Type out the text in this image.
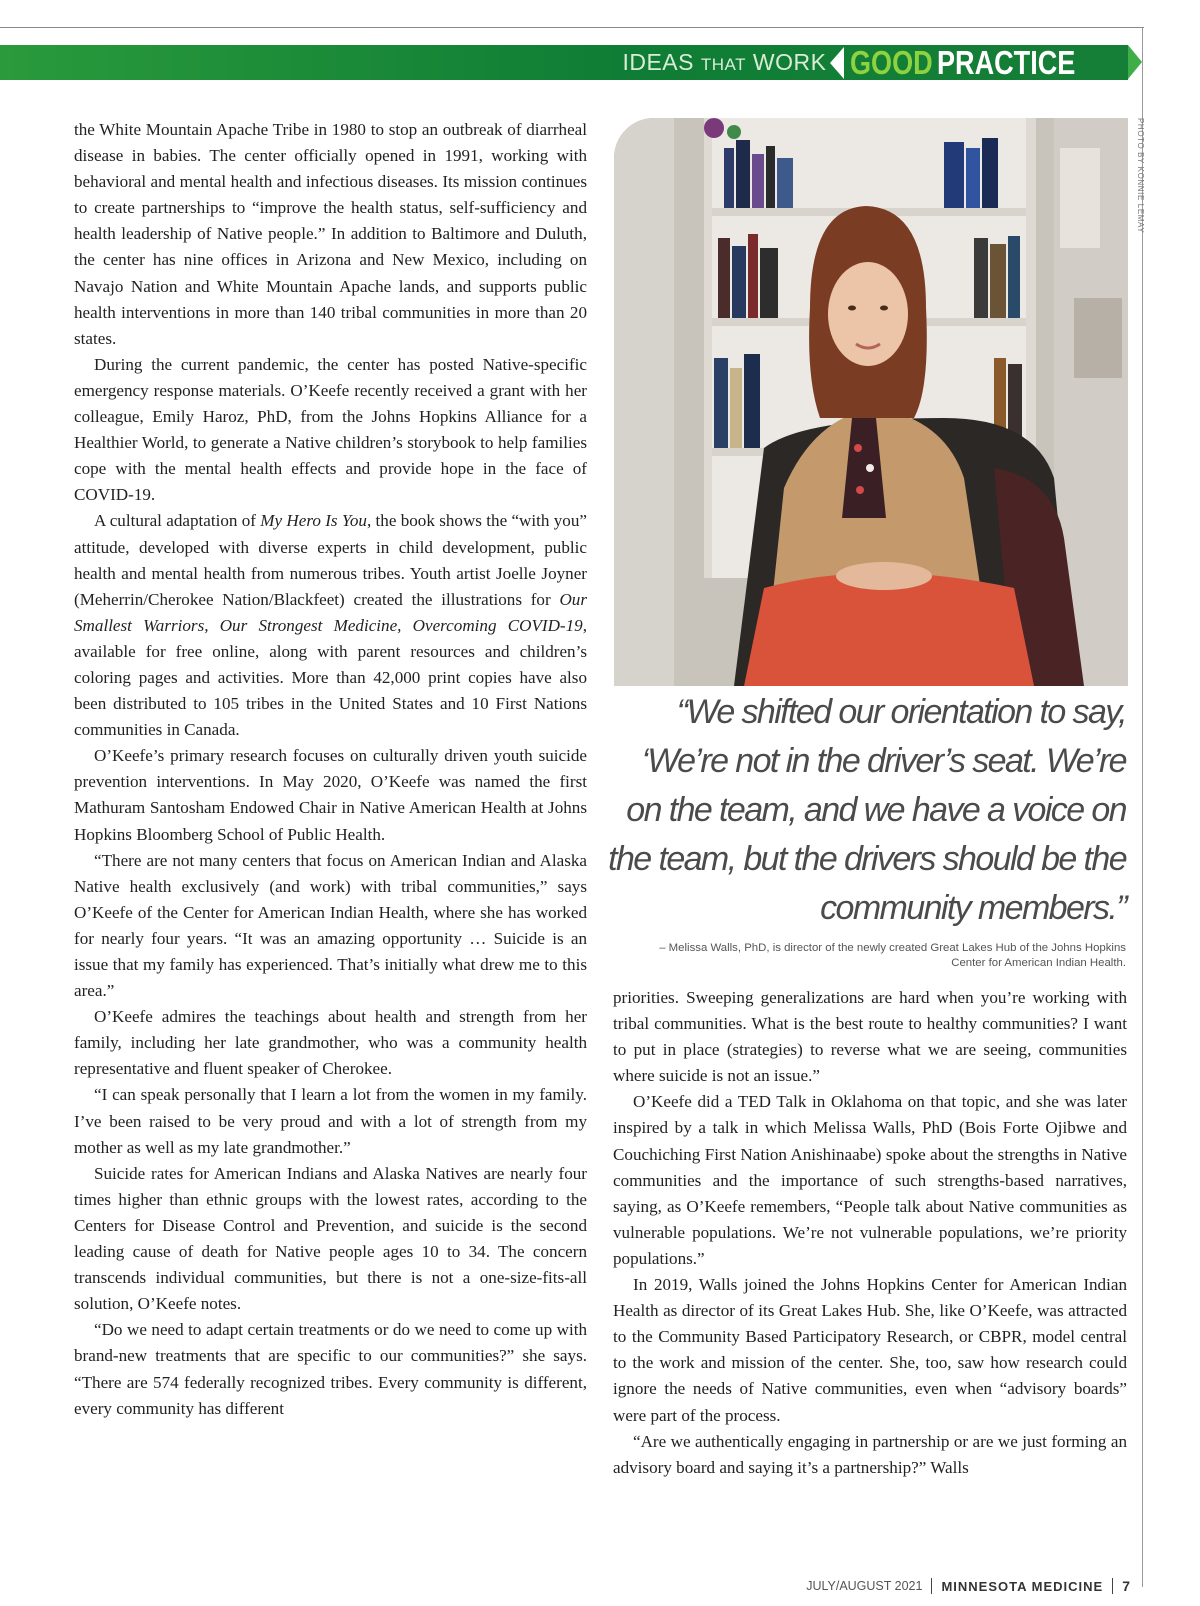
IDEAS THAT WORK GOOD PRACTICE

the White Mountain Apache Tribe in 1980 to stop an outbreak of diarrheal disease in babies. The center officially opened in 1991, working with behavioral and mental health and infectious diseases. Its mission continues to create partnerships to “improve the health status, self-sufficiency and health leadership of Native people.” In addition to Baltimore and Duluth, the center has nine offices in Arizona and New Mexico, including on Navajo Nation and White Mountain Apache lands, and supports public health interventions in more than 140 tribal communities in more than 20 states.

During the current pandemic, the center has posted Native-specific emergency response materials. O’Keefe recently received a grant with her colleague, Emily Haroz, PhD, from the Johns Hopkins Alliance for a Healthier World, to generate a Native children’s storybook to help families cope with the mental health effects and provide hope in the face of COVID-19.

A cultural adaptation of My Hero Is You, the book shows the “with you” attitude, developed with diverse experts in child development, public health and mental health from numerous tribes. Youth artist Joelle Joyner (Meherrin/Cherokee Nation/Blackfeet) created the illustrations for Our Smallest Warriors, Our Strongest Medicine, Overcoming COVID-19, available for free online, along with parent resources and children’s coloring pages and activities. More than 42,000 print copies have also been distributed to 105 tribes in the United States and 10 First Nations communities in Canada.

O’Keefe’s primary research focuses on culturally driven youth suicide prevention interventions. In May 2020, O’Keefe was named the first Mathuram Santosham Endowed Chair in Native American Health at Johns Hopkins Bloomberg School of Public Health.

“There are not many centers that focus on American Indian and Alaska Native health exclusively (and work) with tribal communities,” says O’Keefe of the Center for American Indian Health, where she has worked for nearly four years. “It was an amazing opportunity … Suicide is an issue that my family has experienced. That’s initially what drew me to this area.”

O’Keefe admires the teachings about health and strength from her family, including her late grandmother, who was a community health representative and fluent speaker of Cherokee.

“I can speak personally that I learn a lot from the women in my family. I’ve been raised to be very proud and with a lot of strength from my mother as well as my late grandmother.”

Suicide rates for American Indians and Alaska Natives are nearly four times higher than ethnic groups with the lowest rates, according to the Centers for Disease Control and Prevention, and suicide is the second leading cause of death for Native people ages 10 to 34. The concern transcends individual communities, but there is not a one-size-fits-all solution, O’Keefe notes.

“Do we need to adapt certain treatments or do we need to come up with brand-new treatments that are specific to our communities?” she says. “There are 574 federally recognized tribes. Every community is different, every community has different

PHOTO BY KONNIE LEMAY
“We shifted our orientation to say, ‘We’re not in the driver’s seat. We’re on the team, and we have a voice on the team, but the drivers should be the community members.”
– Melissa Walls, PhD, is director of the newly created Great Lakes Hub of the Johns Hopkins Center for American Indian Health.

priorities. Sweeping generalizations are hard when you’re working with tribal communities. What is the best route to healthy communities? I want to put in place (strategies) to reverse what we are seeing, communities where suicide is not an issue.”

O’Keefe did a TED Talk in Oklahoma on that topic, and she was later inspired by a talk in which Melissa Walls, PhD (Bois Forte Ojibwe and Couchiching First Nation Anishinaabe) spoke about the strengths in Native communities and the importance of such strengths-based narratives, saying, as O’Keefe remembers, “People talk about Native communities as vulnerable populations. We’re not vulnerable populations, we’re priority populations.”

In 2019, Walls joined the Johns Hopkins Center for American Indian Health as director of its Great Lakes Hub. She, like O’Keefe, was attracted to the Community Based Participatory Research, or CBPR, model central to the work and mission of the center. She, too, saw how research could ignore the needs of Native communities, even when “advisory boards” were part of the process.

“Are we authentically engaging in partnership or are we just forming an advisory board and saying it’s a partnership?” Walls

JULY/AUGUST 2021 MINNESOTA MEDICINE 7
